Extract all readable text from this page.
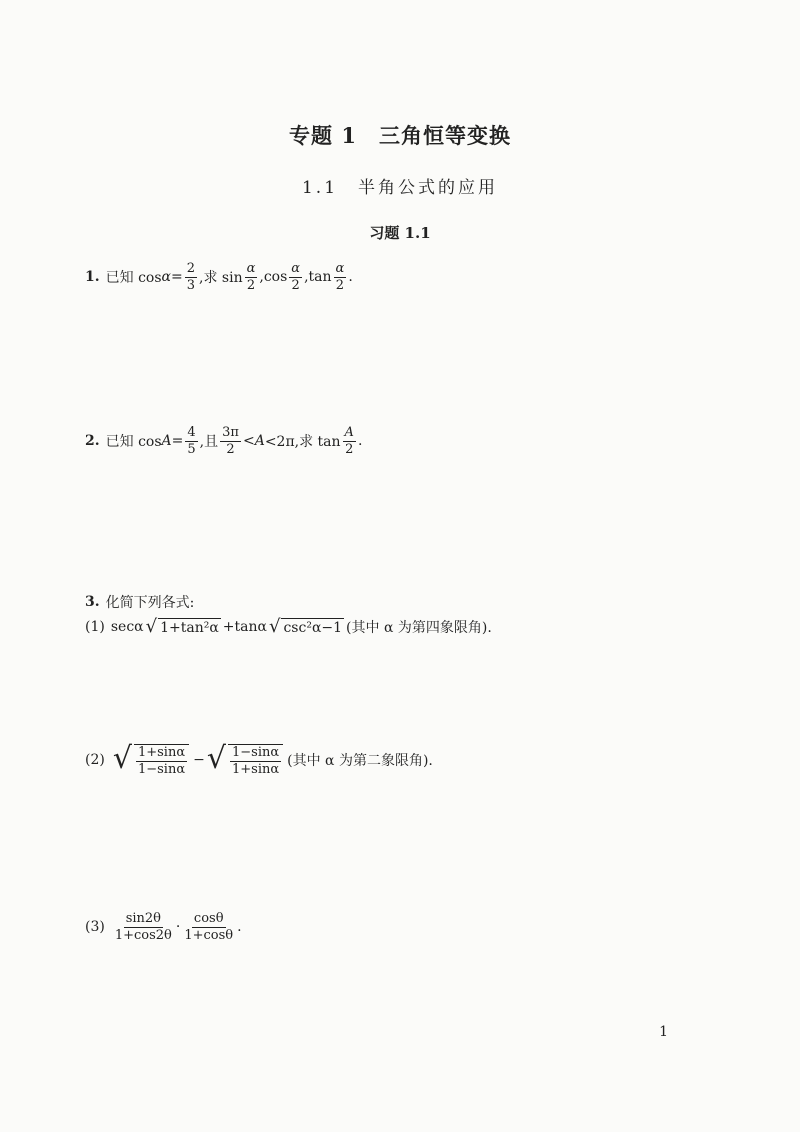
专题 1　三角恒等变换
1.1　半角公式的应用
习题 1.1
1. 已知 $\cos \alpha = \frac{2}{3}$ ,求 $\sin \frac{\alpha}{2} ,\cos \frac{\alpha}{2} ,\tan \frac{\alpha}{2}$ .
2. 已知 $\cos A = \frac{4}{5}$ ,且 $\frac{3\pi}{2} < A <2\pi$,求 $\tan \frac{A}{2}$ .
3. 化简下列各式:
(1) secα √ 1+tan²α +tanα √ csc²α−1 (其中 α 为第四象限角).
(2) √ $\frac{1+\sin\alpha}{1-\sin\alpha}$ − √ $\frac{1-\sin\alpha}{1+\sin\alpha}$ (其中 α 为第二象限角).
$(3) \frac{\sin 2\theta}{1+\cos 2\theta} \cdot \frac{\cos\theta}{1+\cos\theta}$ .
1
